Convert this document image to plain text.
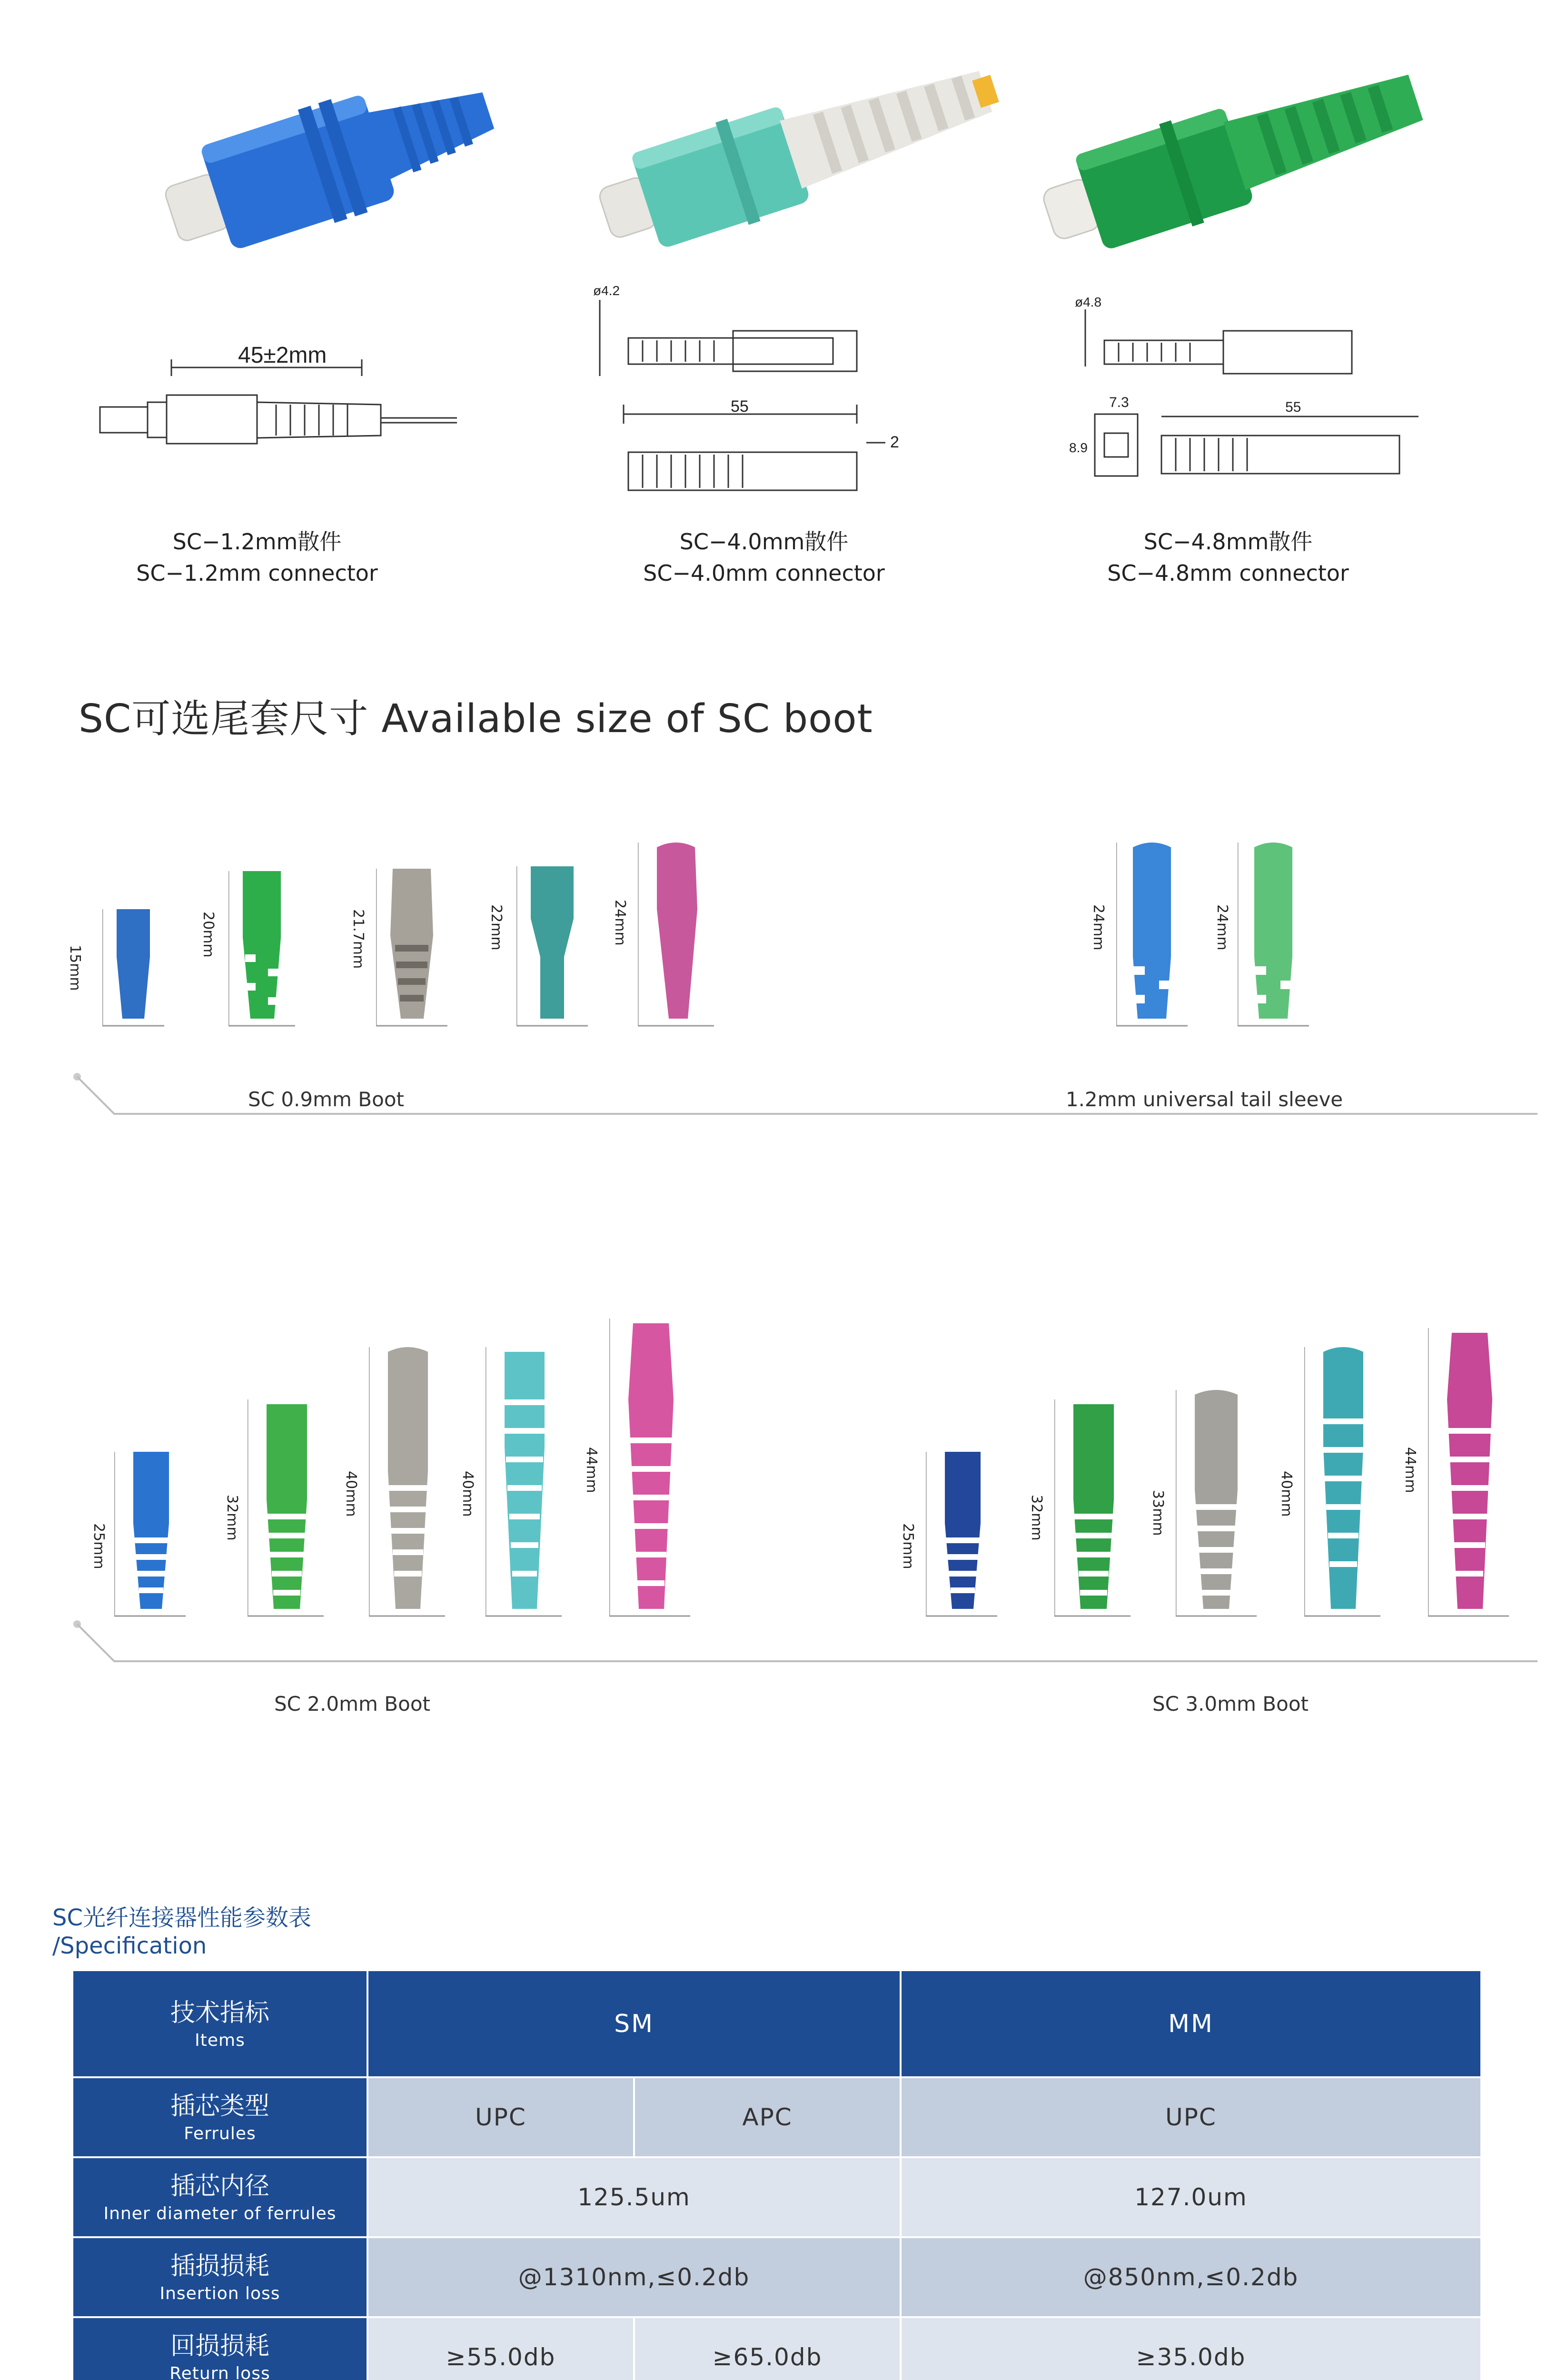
45±2mm
ø4.2
55
2
ø4.8
7.3	55
8.9
SC−1.2mm散件
SC−1.2mm connector
SC−4.0mm散件
SC−4.0mm connector
SC−4.8mm散件
SC−4.8mm connector
SC可选尾套尺寸 Available size of SC boot
15mm
20mm	21.7mm	22mm	24mm	24mm	24mm
SC 0.9mm Boot	1.2mm universal tail sleeve
25mm
32mm
40mm	40mm
44mm
25mm
32mm	33mm	40mm
44mm
SC 2.0mm Boot	SC 3.0mm Boot
SC光纤连接器性能参数表
/Specification
技术指标
Items	SM		MM

插芯类型
Ferrules	UPC	APC	UPC

插芯内径
Inner diameter of ferrules	125.5um		127.0um

插损损耗
Insertion loss	@1310nm,≤0.2db		@850nm,≤0.2db

回损损耗
Return loss	≥55.0db	≥65.0db	≥35.0db
